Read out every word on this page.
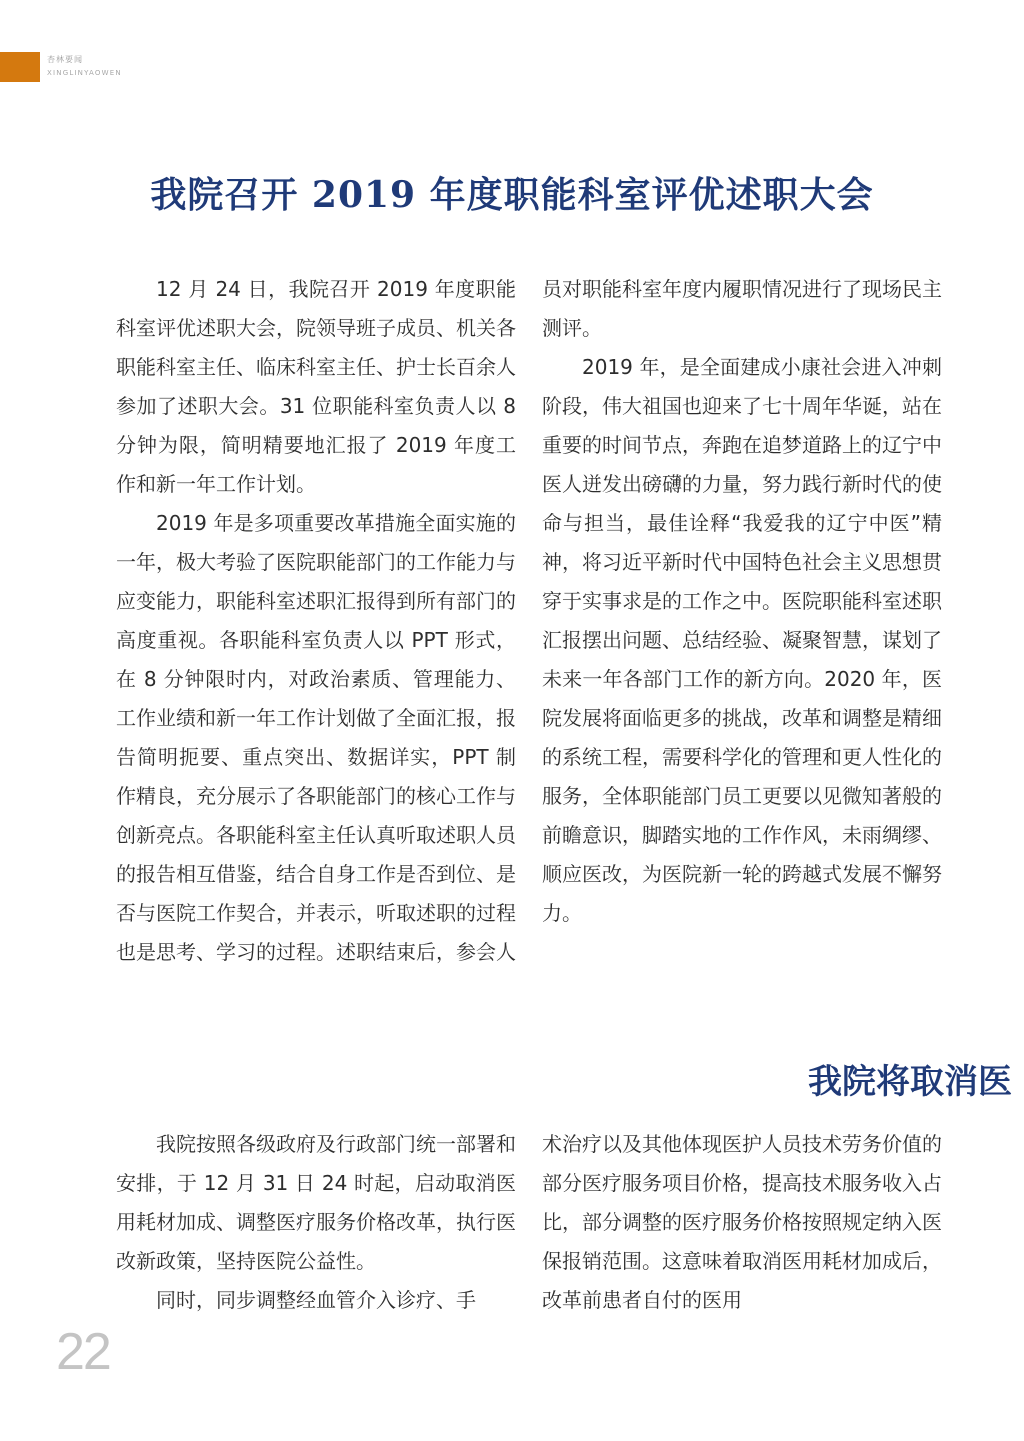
杏林要闻
XINGLINYAOWEN
我院召开 2019 年度职能科室评优述职大会

12 月 24 日，我院召开 2019 年度职能科室评优述职大会，院领导班子成员、机关各职能科室主任、临床科室主任、护士长百余人参加了述职大会。31 位职能科室负责人以 8 分钟为限，简明精要地汇报了 2019 年度工作和新一年工作计划。

2019 年是多项重要改革措施全面实施的一年，极大考验了医院职能部门的工作能力与应变能力，职能科室述职汇报得到所有部门的高度重视。各职能科室负责人以 PPT 形式，在 8 分钟限时内，对政治素质、管理能力、工作业绩和新一年工作计划做了全面汇报，报告简明扼要、重点突出、数据详实，PPT 制作精良，充分展示了各职能部门的核心工作与创新亮点。各职能科室主任认真听取述职人员的报告相互借鉴，结合自身工作是否到位、是否与医院工作契合，并表示，听取述职的过程也是思考、学习的过程。述职结束后，参会人

员对职能科室年度内履职情况进行了现场民主测评。

2019 年，是全面建成小康社会进入冲刺阶段，伟大祖国也迎来了七十周年华诞，站在重要的时间节点，奔跑在追梦道路上的辽宁中医人迸发出磅礴的力量，努力践行新时代的使命与担当，最佳诠释“我爱我的辽宁中医”精神，将习近平新时代中国特色社会主义思想贯穿于实事求是的工作之中。医院职能科室述职汇报摆出问题、总结经验、凝聚智慧，谋划了未来一年各部门工作的新方向。2020 年，医院发展将面临更多的挑战，改革和调整是精细的系统工程，需要科学化的管理和更人性化的服务，全体职能部门员工更要以见微知著般的前瞻意识，脚踏实地的工作作风，未雨绸缪、顺应医改，为医院新一轮的跨越式发展不懈努力。

我院将取消医

我院按照各级政府及行政部门统一部署和安排，于 12 月 31 日 24 时起，启动取消医用耗材加成、调整医疗服务价格改革，执行医改新政策，坚持医院公益性。

同时，同步调整经血管介入诊疗、手

术治疗以及其他体现医护人员技术劳务价值的部分医疗服务项目价格，提高技术服务收入占比，部分调整的医疗服务价格按照规定纳入医保报销范围。这意味着取消医用耗材加成后，改革前患者自付的医用

22
